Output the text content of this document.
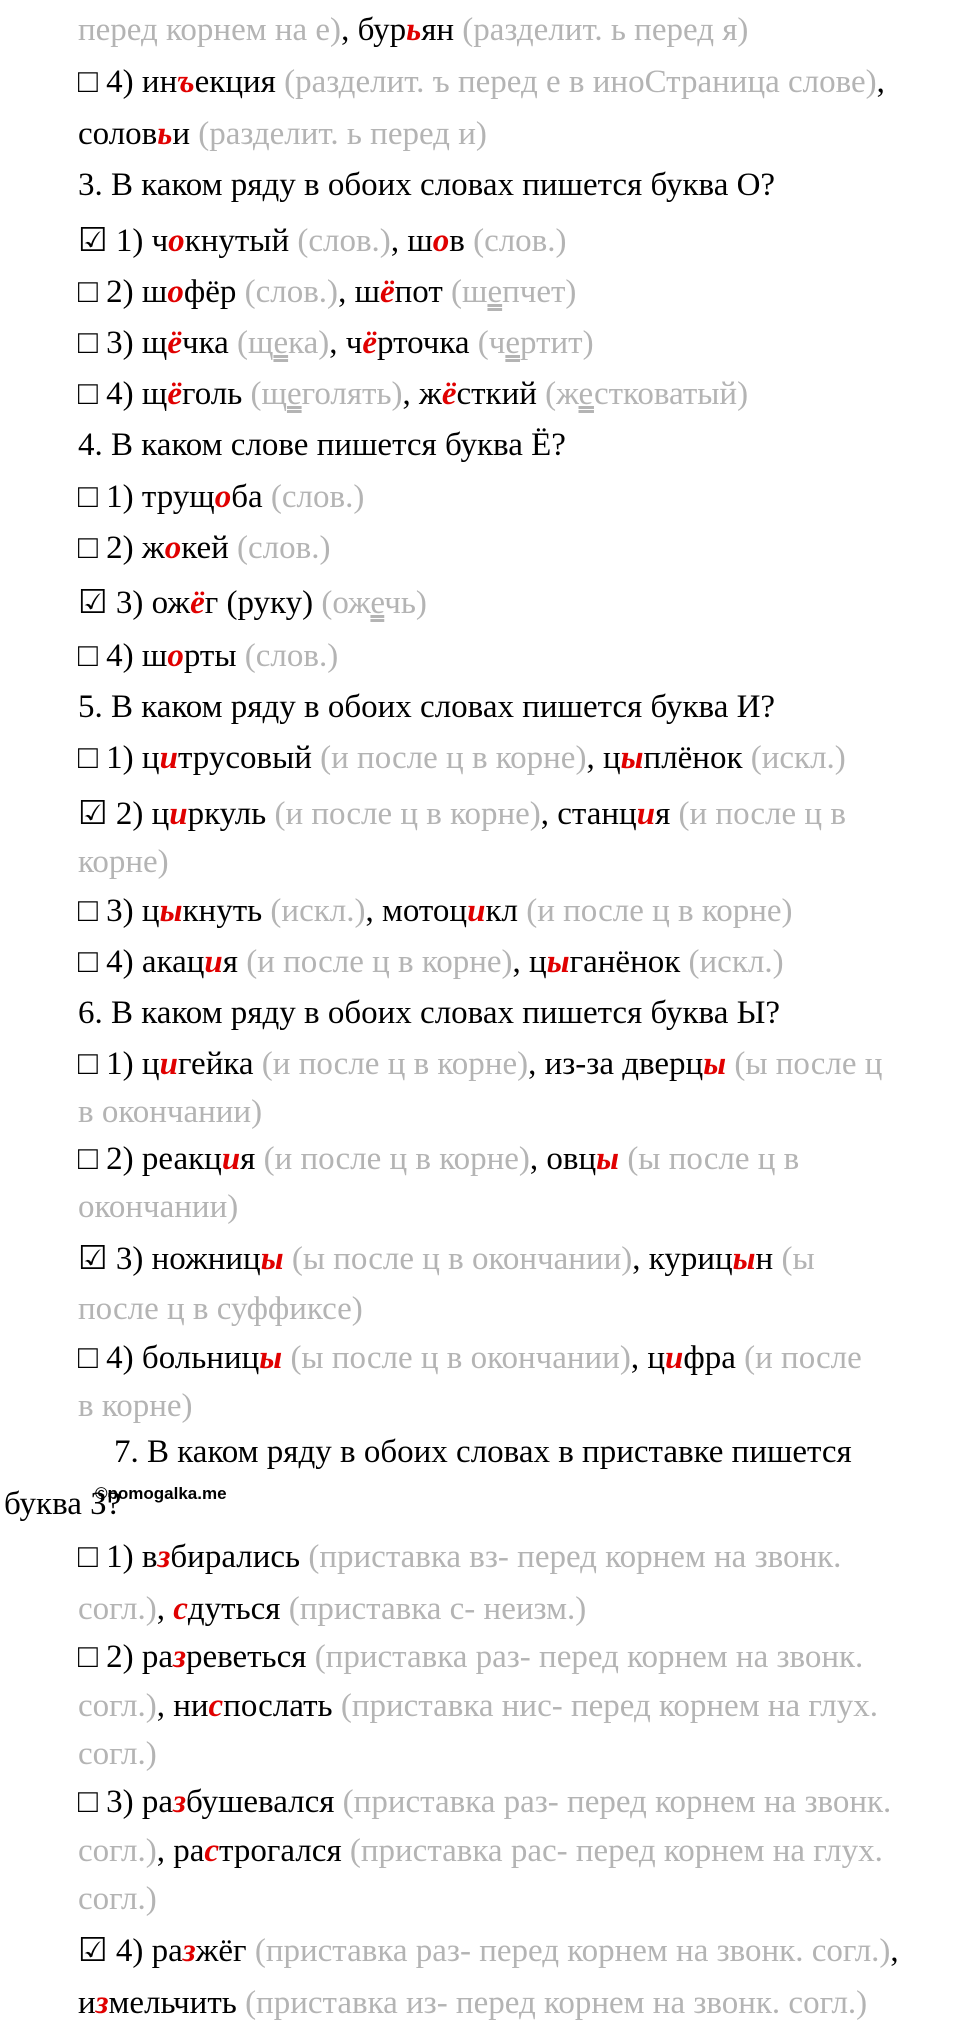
перед корнем на е), бурьян (разделит. ь перед я)
□ 4) инъекция (разделит. ъ перед е в иноСтраница слове),
соловьи (разделит. ь перед и)
3. В каком ряду в обоих словах пишется буква О?
☑ 1) чокнутый (слов.), шов (слов.)
□ 2) шофёр (слов.), шёпот (шепчет)
□ 3) щёчка (щека), чёрточка (чертит)
□ 4) щёголь (щеголять), жёсткий (жестковатый)
4. В каком слове пишется буква Ё?
□ 1) трущоба (слов.)
□ 2) жокей (слов.)
☑ 3) ожёг (руку) (ожечь)
□ 4) шорты (слов.)
5. В каком ряду в обоих словах пишется буква И?
□ 1) цитрусовый (и после ц в корне), цыплёнок (искл.)
☑ 2) циркуль (и после ц в корне), станция (и после ц в
корне)
□ 3) цыкнуть (искл.), мотоцикл (и после ц в корне)
□ 4) акация (и после ц в корне), цыганёнок (искл.)
6. В каком ряду в обоих словах пишется буква Ы?
□ 1) цигейка (и после ц в корне), из-за дверцы (ы после ц
в окончании)
□ 2) реакция (и после ц в корне), овцы (ы после ц в
окончании)
☑ 3) ножницы (ы после ц в окончании), курицын (ы
после ц в суффиксе)
□ 4) больницы (ы после ц в окончании), цифра (и после
в корне)
7. В каком ряду в обоих словах в приставке пишется
буква З?
□ 1) взбирались (приставка вз- перед корнем на звонк.
согл.), сдуться (приставка с- неизм.)
□ 2) разреветься (приставка раз- перед корнем на звонк.
согл.), ниспослать (приставка нис- перед корнем на глух.
согл.)
□ 3) разбушевался (приставка раз- перед корнем на звонк.
согл.), растрогался (приставка рас- перед корнем на глух.
согл.)
☑ 4) разжёг (приставка раз- перед корнем на звонк. согл.),
измельчить (приставка из- перед корнем на звонк. согл.)
©pomogalka.me
